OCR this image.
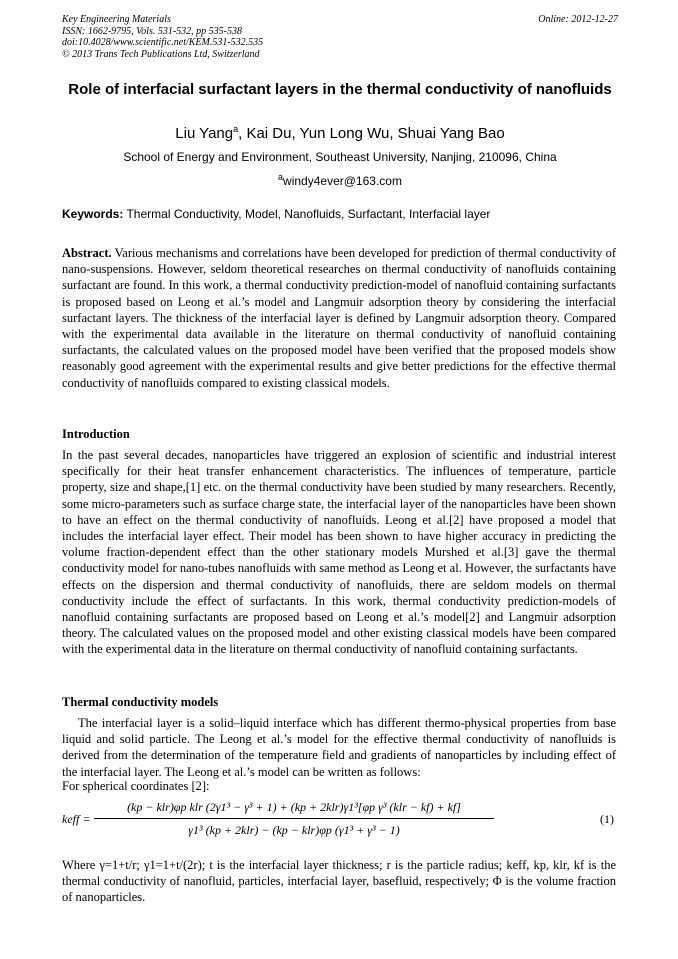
Key Engineering Materials
ISSN: 1662-9795, Vols. 531-532, pp 535-538
doi:10.4028/www.scientific.net/KEM.531-532.535
© 2013 Trans Tech Publications Ltd, Switzerland
Online: 2012-12-27
Role of interfacial surfactant layers in the thermal conductivity of nanofluids
Liu Yang$^a$, Kai Du, Yun Long Wu, Shuai Yang Bao
School of Energy and Environment, Southeast University, Nanjing, 210096, China
$^a$windy4ever@163.com
Keywords: Thermal Conductivity, Model, Nanofluids, Surfactant, Interfacial layer
Abstract. Various mechanisms and correlations have been developed for prediction of thermal conductivity of nano-suspensions. However, seldom theoretical researches on thermal conductivity of nanofluids containing surfactant are found. In this work, a thermal conductivity prediction-model of nanofluid containing surfactants is proposed based on Leong et al.’s model and Langmuir adsorption theory by considering the interfacial surfactant layers. The thickness of the interfacial layer is defined by Langmuir adsorption theory. Compared with the experimental data available in the literature on thermal conductivity of nanofluid containing surfactants, the calculated values on the proposed model have been verified that the proposed models show reasonably good agreement with the experimental results and give better predictions for the effective thermal conductivity of nanofluids compared to existing classical models.
Introduction
In the past several decades, nanoparticles have triggered an explosion of scientific and industrial interest specifically for their heat transfer enhancement characteristics. The influences of temperature, particle property, size and shape,[1] etc. on the thermal conductivity have been studied by many researchers. Recently, some micro-parameters such as surface charge state, the interfacial layer of the nanoparticles have been shown to have an effect on the thermal conductivity of nanofluids. Leong et al.[2] have proposed a model that includes the interfacial layer effect. Their model has been shown to have higher accuracy in predicting the volume fraction-dependent effect than the other stationary models Murshed et al.[3] gave the thermal conductivity model for nano-tubes nanofluids with same method as Leong et al. However, the surfactants have effects on the dispersion and thermal conductivity of nanofluids, there are seldom models on thermal conductivity include the effect of surfactants. In this work, thermal conductivity prediction-models of nanofluid containing surfactants are proposed based on Leong et al.’s model[2] and Langmuir adsorption theory. The calculated values on the proposed model and other existing classical models have been compared with the experimental data in the literature on thermal conductivity of nanofluid containing surfactants.
Thermal conductivity models
The interfacial layer is a solid–liquid interface which has different thermo-physical properties from base liquid and solid particle. The Leong et al.’s model for the effective thermal conductivity of nanofluids is derived from the determination of the temperature field and gradients of nanoparticles by including effect of the interfacial layer. The Leong et al.’s model can be written as follows:
For spherical coordinates [2]:
keff =
(kp − klr)φp klr (2γ1³ − γ³ + 1) + (kp + 2klr)γ1³[φp γ³ (klr − kf) + kf]
γ1³ (kp + 2klr) − (kp − klr)φp (γ1³ + γ³ − 1)
(1)
Where γ=1+t/r; γ1=1+t/(2r); t is the interfacial layer thickness; r is the particle radius; keff, kp, klr, kf is the thermal conductivity of nanofluid, particles, interfacial layer, basefluid, respectively; Φ is the volume fraction of nanoparticles.
